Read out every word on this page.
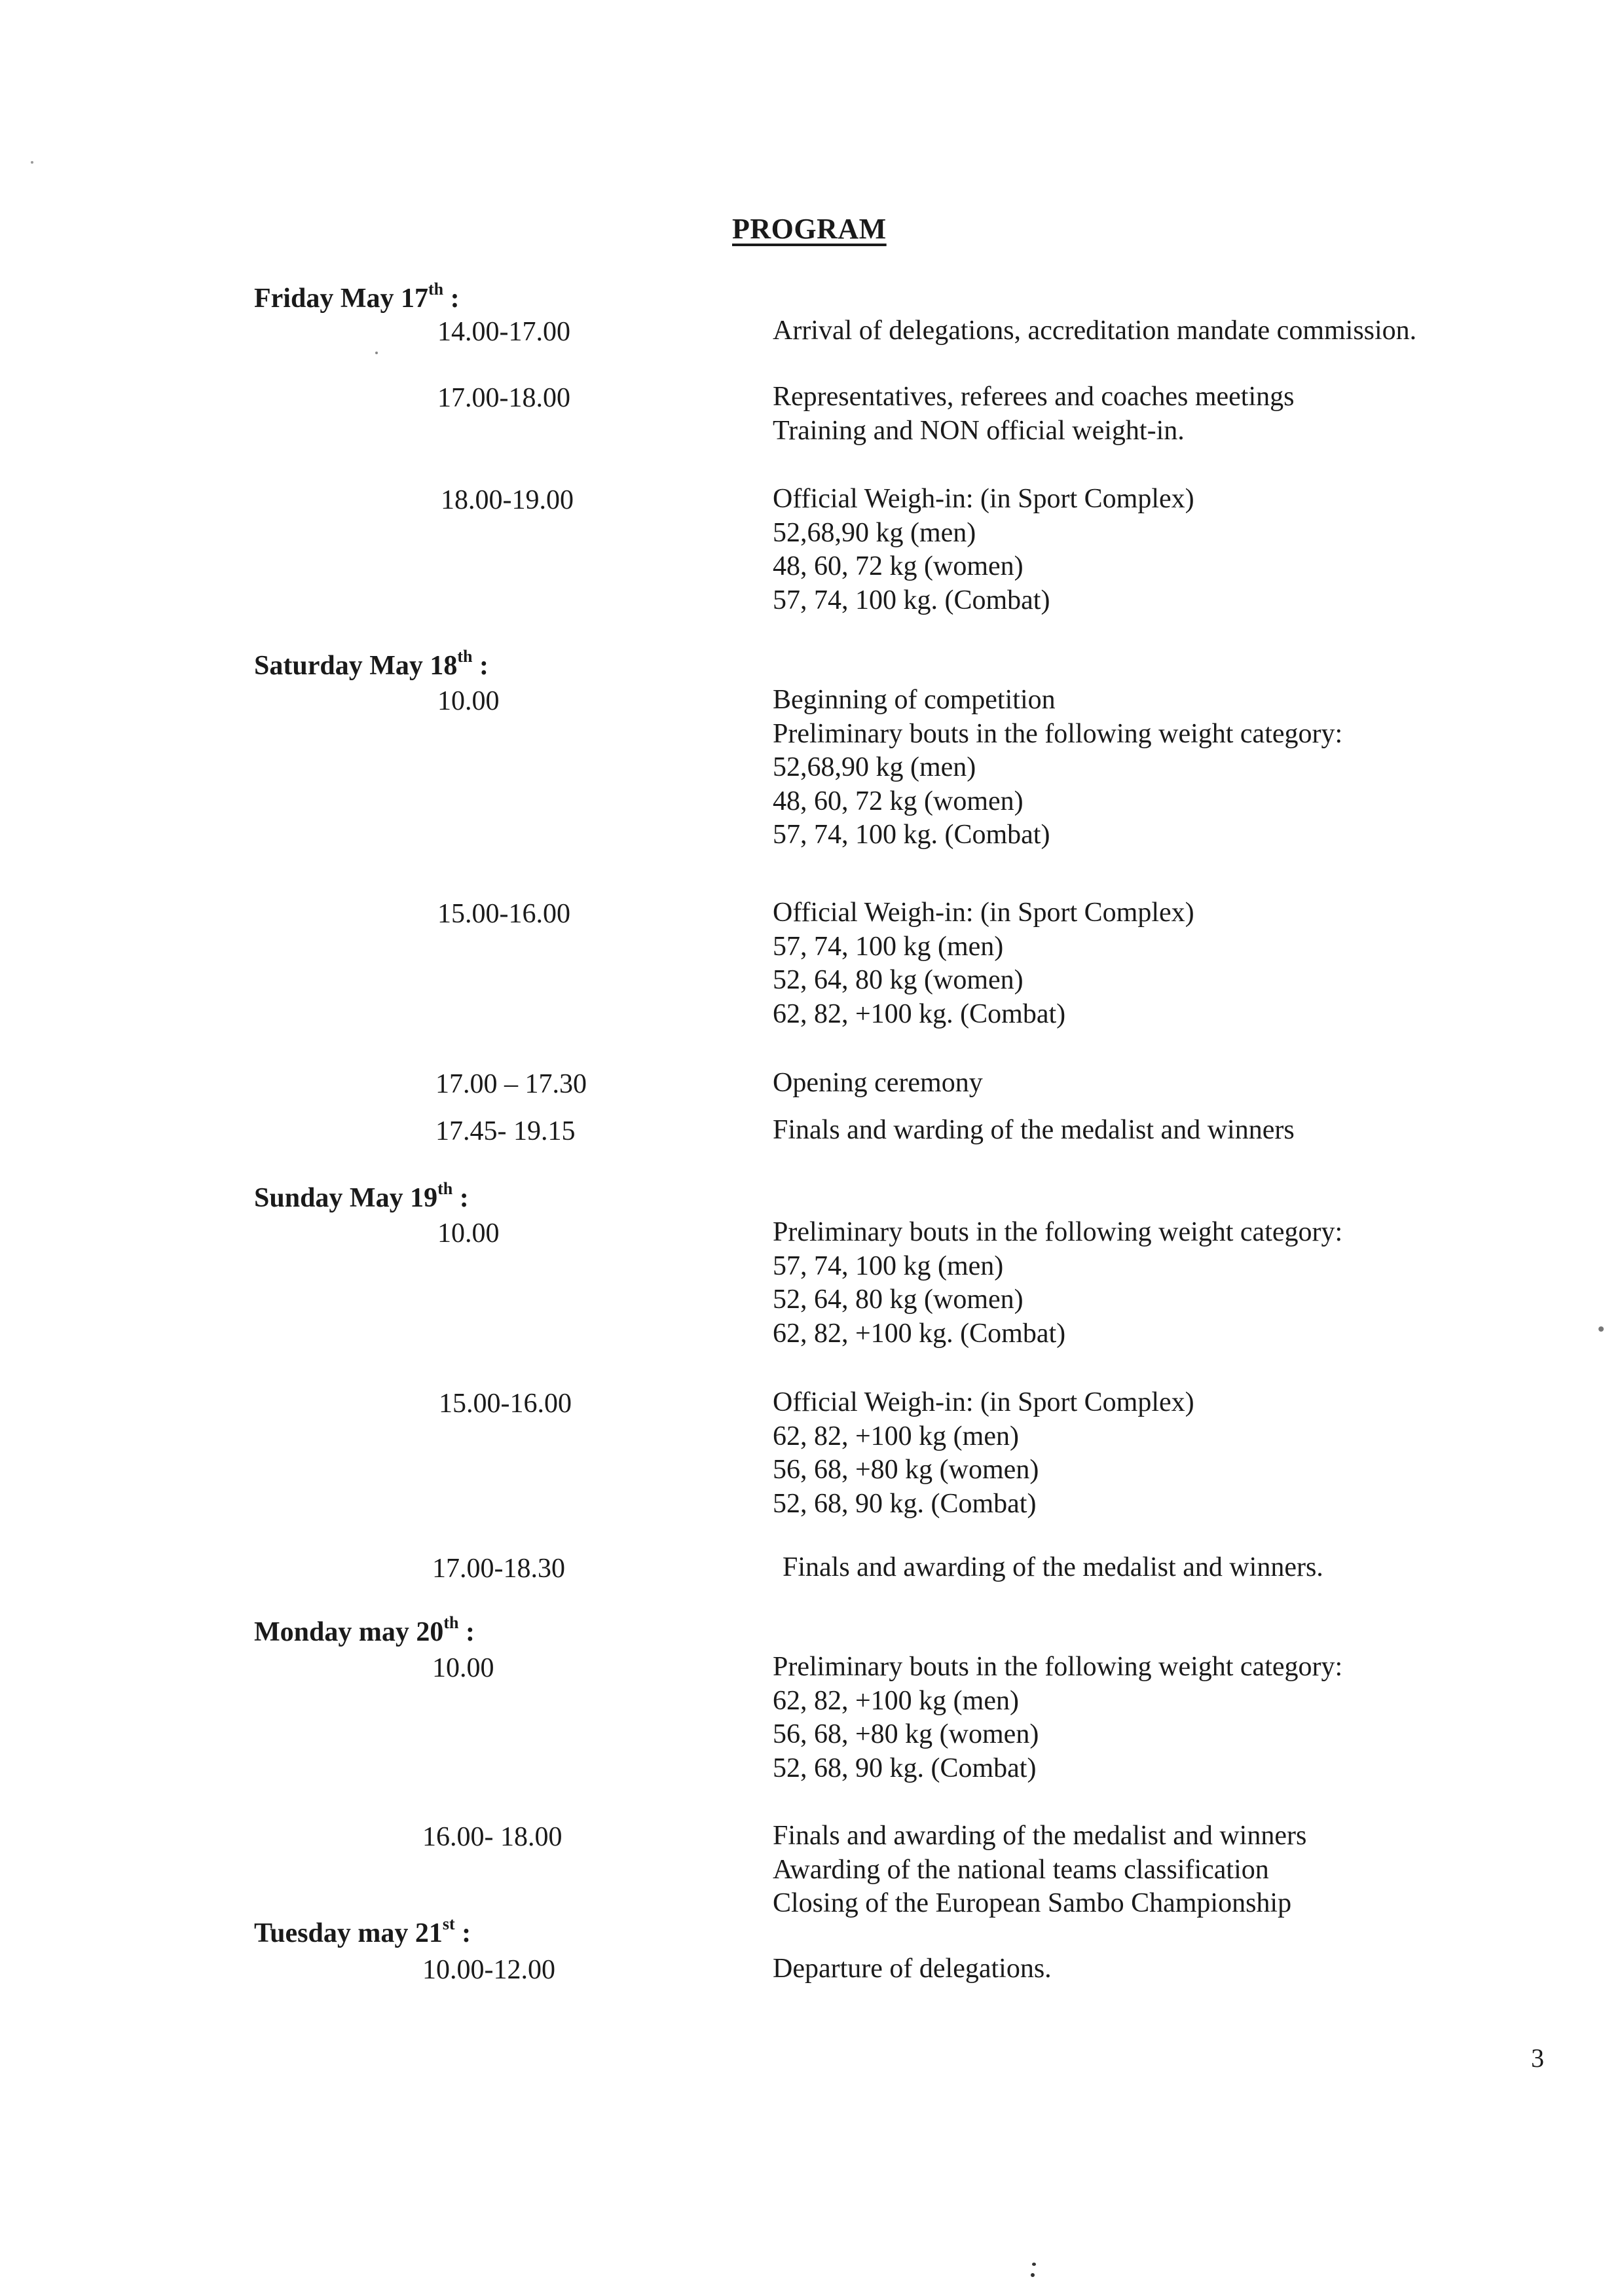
PROGRAM
Friday May 17th :
14.00-17.00	Arrival of delegations, accreditation mandate commission.
17.00-18.00	Representatives, referees and coaches meetings
Training and NON official weight-in.
18.00-19.00	Official Weigh-in: (in Sport Complex)
52,68,90 kg (men)
48, 60, 72 kg (women)
57, 74, 100 kg. (Combat)
Saturday May 18th :
10.00	Beginning of competition
Preliminary bouts in the following weight category:
52,68,90 kg (men)
48, 60, 72 kg (women)
57, 74, 100 kg. (Combat)
15.00-16.00	Official Weigh-in: (in Sport Complex)
57, 74, 100 kg (men)
52, 64, 80 kg (women)
62, 82, +100 kg. (Combat)
17.00 – 17.30	Opening ceremony
17.45- 19.15	Finals and warding of the medalist and winners
Sunday May 19th :
10.00	Preliminary bouts in the following weight category:
57, 74, 100 kg (men)
52, 64, 80 kg (women)
62, 82, +100 kg. (Combat)
15.00-16.00	Official Weigh-in: (in Sport Complex)
62, 82, +100 kg (men)
56, 68, +80 kg (women)
52, 68, 90 kg. (Combat)
17.00-18.30	Finals and awarding of the medalist and winners.
Monday may 20th :
10.00	Preliminary bouts in the following weight category:
62, 82, +100 kg (men)
56, 68, +80 kg (women)
52, 68, 90 kg. (Combat)
16.00- 18.00	Finals and awarding of the medalist and winners
Awarding of the national teams classification
Closing of the European Sambo Championship
Tuesday may 21st :
10.00-12.00	Departure of delegations.
3
